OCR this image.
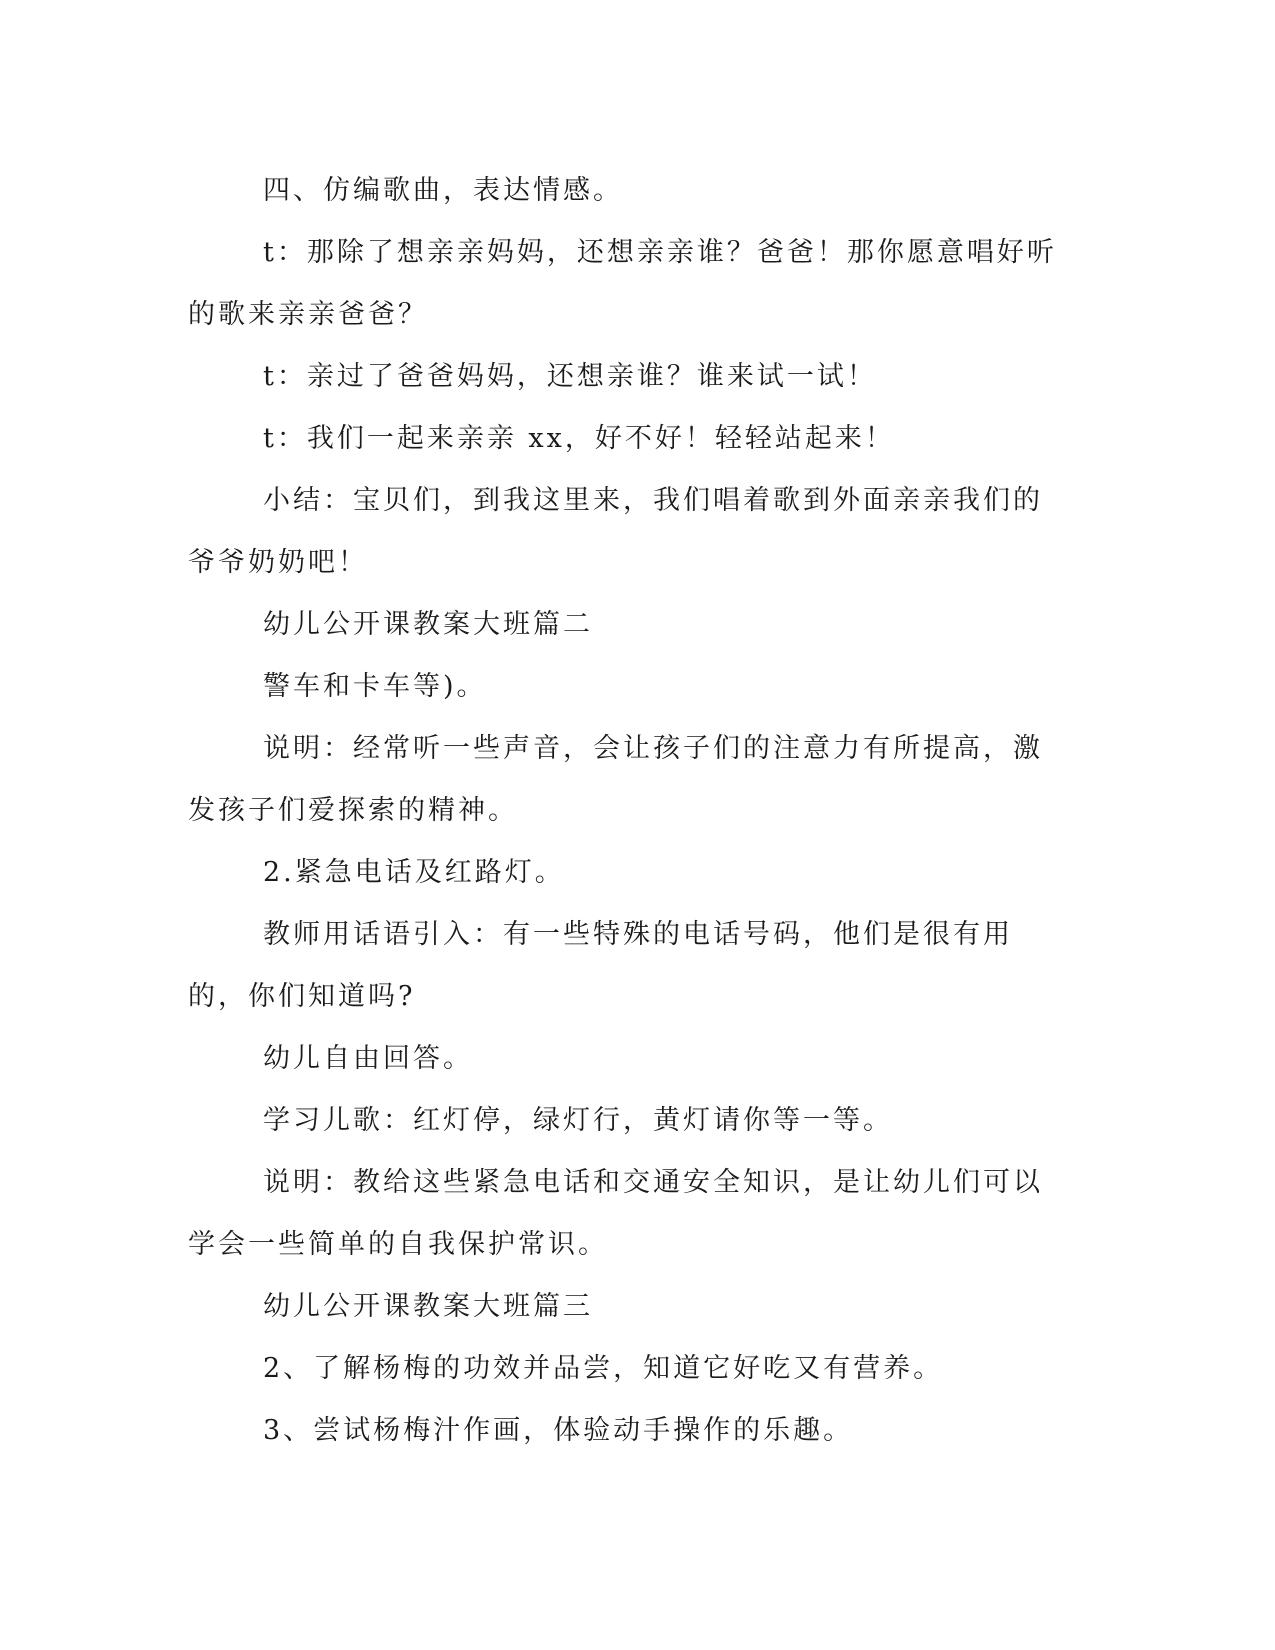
四、仿编歌曲，表达情感。

t：那除了想亲亲妈妈，还想亲亲谁？爸爸！那你愿意唱好听的歌来亲亲爸爸？

t：亲过了爸爸妈妈，还想亲谁？谁来试一试！

t：我们一起来亲亲 xx，好不好！轻轻站起来！

小结：宝贝们，到我这里来，我们唱着歌到外面亲亲我们的爷爷奶奶吧！

幼儿公开课教案大班篇二

警车和卡车等)。

说明：经常听一些声音，会让孩子们的注意力有所提高，激发孩子们爱探索的精神。

2.紧急电话及红路灯。

教师用话语引入：有一些特殊的电话号码，他们是很有用的，你们知道吗?

幼儿自由回答。

学习儿歌：红灯停，绿灯行，黄灯请你等一等。

说明：教给这些紧急电话和交通安全知识，是让幼儿们可以学会一些简单的自我保护常识。

幼儿公开课教案大班篇三

2、了解杨梅的功效并品尝，知道它好吃又有营养。

3、尝试杨梅汁作画，体验动手操作的乐趣。
